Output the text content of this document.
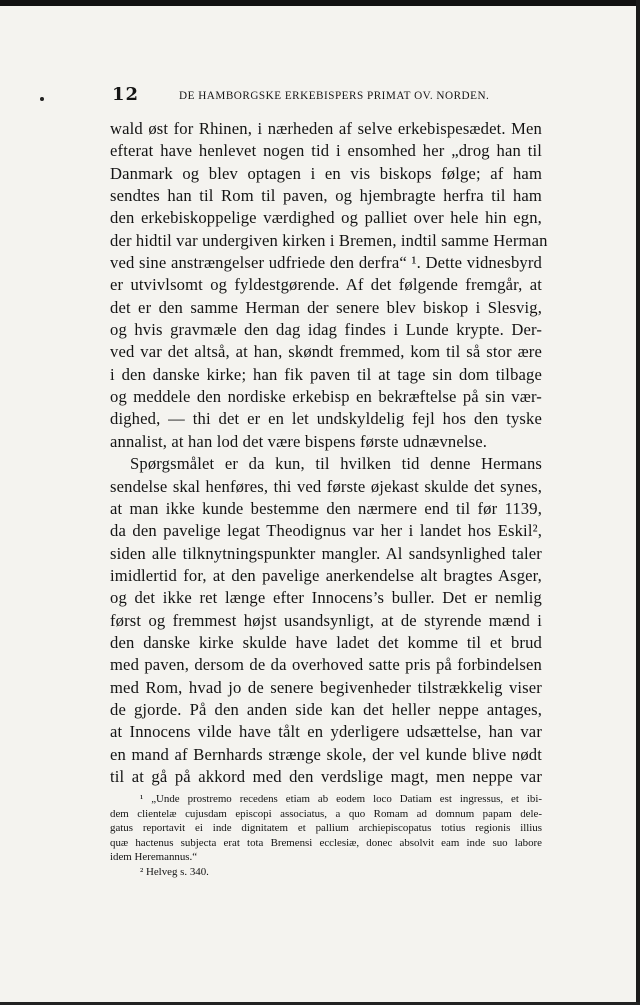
12	DE HAMBORGSKE ERKEBISPERS PRIMAT OV. NORDEN.
wald øst for Rhinen, i nærheden af selve erkebispesædet. Men
efterat have henlevet nogen tid i ensomhed her „drog han til
Danmark og blev optagen i en vis biskops følge; af ham
sendtes han til Rom til paven, og hjembragte herfra til ham
den erkebiskoppelige værdighed og palliet over hele hin egn,
der hidtil var undergiven kirken i Bremen, indtil samme Herman
ved sine anstrængelser udfriede den derfra“ ¹. Dette vidnesbyrd
er utvivlsomt og fyldestgørende. Af det følgende fremgår, at
det er den samme Herman der senere blev biskop i Slesvig,
og hvis gravmæle den dag idag findes i Lunde krypte. Der-
ved var det altså, at han, skøndt fremmed, kom til så stor ære
i den danske kirke; han fik paven til at tage sin dom tilbage
og meddele den nordiske erkebisp en bekræftelse på sin vær-
dighed, — thi det er en let undskyldelig fejl hos den tyske
annalist, at han lod det være bispens første udnævnelse.
Spørgsmålet er da kun, til hvilken tid denne Hermans
sendelse skal henføres, thi ved første øjekast skulde det synes,
at man ikke kunde bestemme den nærmere end til før 1139,
da den pavelige legat Theodignus var her i landet hos Eskil²,
siden alle tilknytningspunkter mangler. Al sandsynlighed taler
imidlertid for, at den pavelige anerkendelse alt bragtes Asger,
og det ikke ret længe efter Innocens’s buller. Det er nemlig
først og fremmest højst usandsynligt, at de styrende mænd i
den danske kirke skulde have ladet det komme til et brud
med paven, dersom de da overhoved satte pris på forbindelsen
med Rom, hvad jo de senere begivenheder tilstrækkelig viser
de gjorde. På den anden side kan det heller neppe antages,
at Innocens vilde have tålt en yderligere udsættelse, han var
en mand af Bernhards strænge skole, der vel kunde blive nødt
til at gå på akkord med den verdslige magt, men neppe var
¹ „Unde prostremo recedens etiam ab eodem loco Datiam est ingressus, et ibi-
dem clientelæ cujusdam episcopi associatus, a quo Romam ad domnum papam dele-
gatus reportavit ei inde dignitatem et pallium archiepiscopatus totius regionis illius
quæ hactenus subjecta erat tota Bremensi ecclesiæ, donec absolvit eam inde suo labore
idem Heremannus.“
² Helveg s. 340.
